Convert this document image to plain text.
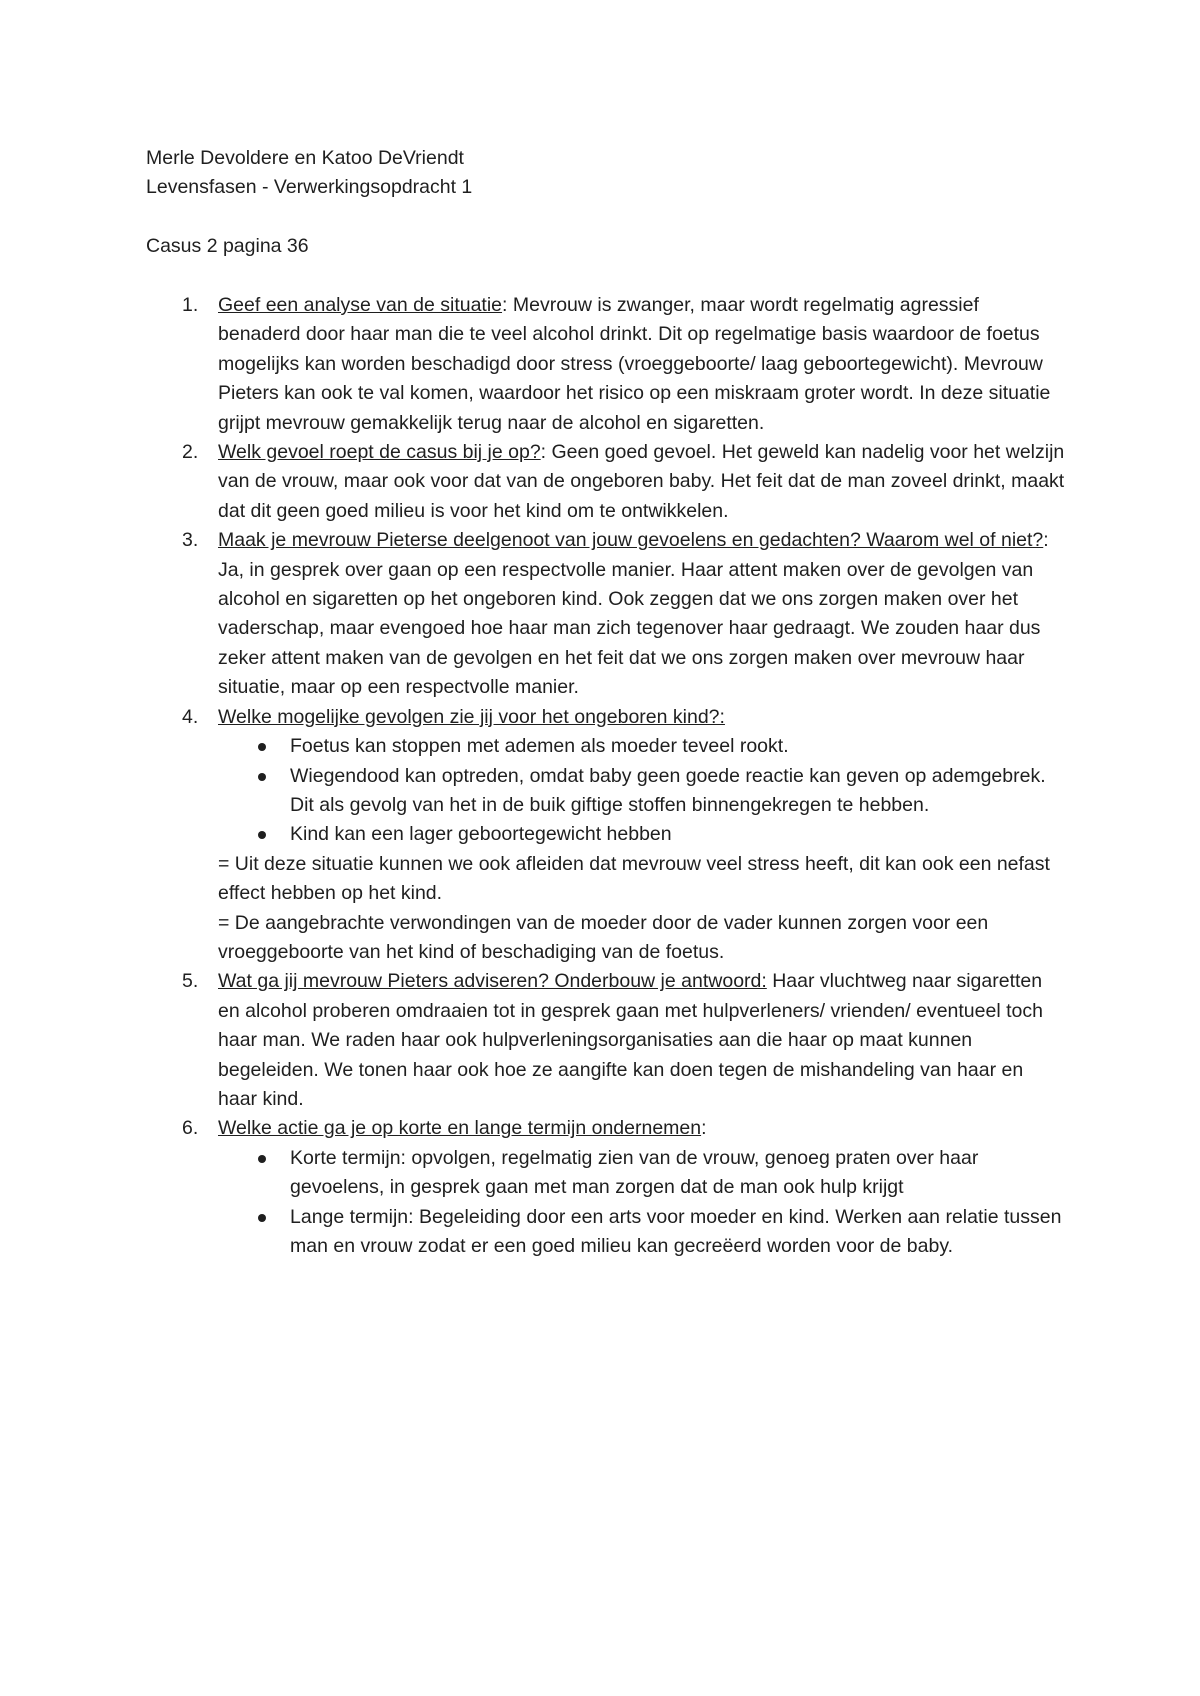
Merle Devoldere en Katoo DeVriendt

Levensfasen - Verwerkingsopdracht 1

Casus 2 pagina 36

1. Geef een analyse van de situatie: Mevrouw is zwanger, maar wordt regelmatig agressief benaderd door haar man die te veel alcohol drinkt. Dit op regelmatige basis waardoor de foetus mogelijks kan worden beschadigd door stress (vroeggeboorte/ laag geboortegewicht). Mevrouw Pieters kan ook te val komen, waardoor het risico op een miskraam groter wordt. In deze situatie grijpt mevrouw gemakkelijk terug naar de alcohol en sigaretten.
2. Welk gevoel roept de casus bij je op?: Geen goed gevoel. Het geweld kan nadelig voor het welzijn van de vrouw, maar ook voor dat van de ongeboren baby. Het feit dat de man zoveel drinkt, maakt dat dit geen goed milieu is voor het kind om te ontwikkelen.
3. Maak je mevrouw Pieterse deelgenoot van jouw gevoelens en gedachten? Waarom wel of niet?: Ja, in gesprek over gaan op een respectvolle manier. Haar attent maken over de gevolgen van alcohol en sigaretten op het ongeboren kind. Ook zeggen dat we ons zorgen maken over het vaderschap, maar evengoed hoe haar man zich tegenover haar gedraagt. We zouden haar dus zeker attent maken van de gevolgen en het feit dat we ons zorgen maken over mevrouw haar situatie, maar op een respectvolle manier.
4. Welke mogelijke gevolgen zie jij voor het ongeboren kind?:
Foetus kan stoppen met ademen als moeder teveel rookt.
Wiegendood kan optreden, omdat baby geen goede reactie kan geven op ademgebrek. Dit als gevolg van het in de buik giftige stoffen binnengekregen te hebben.
Kind kan een lager geboortegewicht hebben

= Uit deze situatie kunnen we ook afleiden dat mevrouw veel stress heeft, dit kan ook een nefast effect hebben op het kind.

= De aangebrachte verwondingen van de moeder door de vader kunnen zorgen voor een vroeggeboorte van het kind of beschadiging van de foetus.

5. Wat ga jij mevrouw Pieters adviseren? Onderbouw je antwoord: Haar vluchtweg naar sigaretten en alcohol proberen omdraaien tot in gesprek gaan met hulpverleners/ vrienden/ eventueel toch haar man. We raden haar ook hulpverleningsorganisaties aan die haar op maat kunnen begeleiden. We tonen haar ook hoe ze aangifte kan doen tegen de mishandeling van haar en haar kind.
6. Welke actie ga je op korte en lange termijn ondernemen:
Korte termijn: opvolgen, regelmatig zien van de vrouw, genoeg praten over haar gevoelens, in gesprek gaan met man zorgen dat de man ook hulp krijgt
Lange termijn: Begeleiding door een arts voor moeder en kind. Werken aan relatie tussen man en vrouw zodat er een goed milieu kan gecreëerd worden voor de baby.
